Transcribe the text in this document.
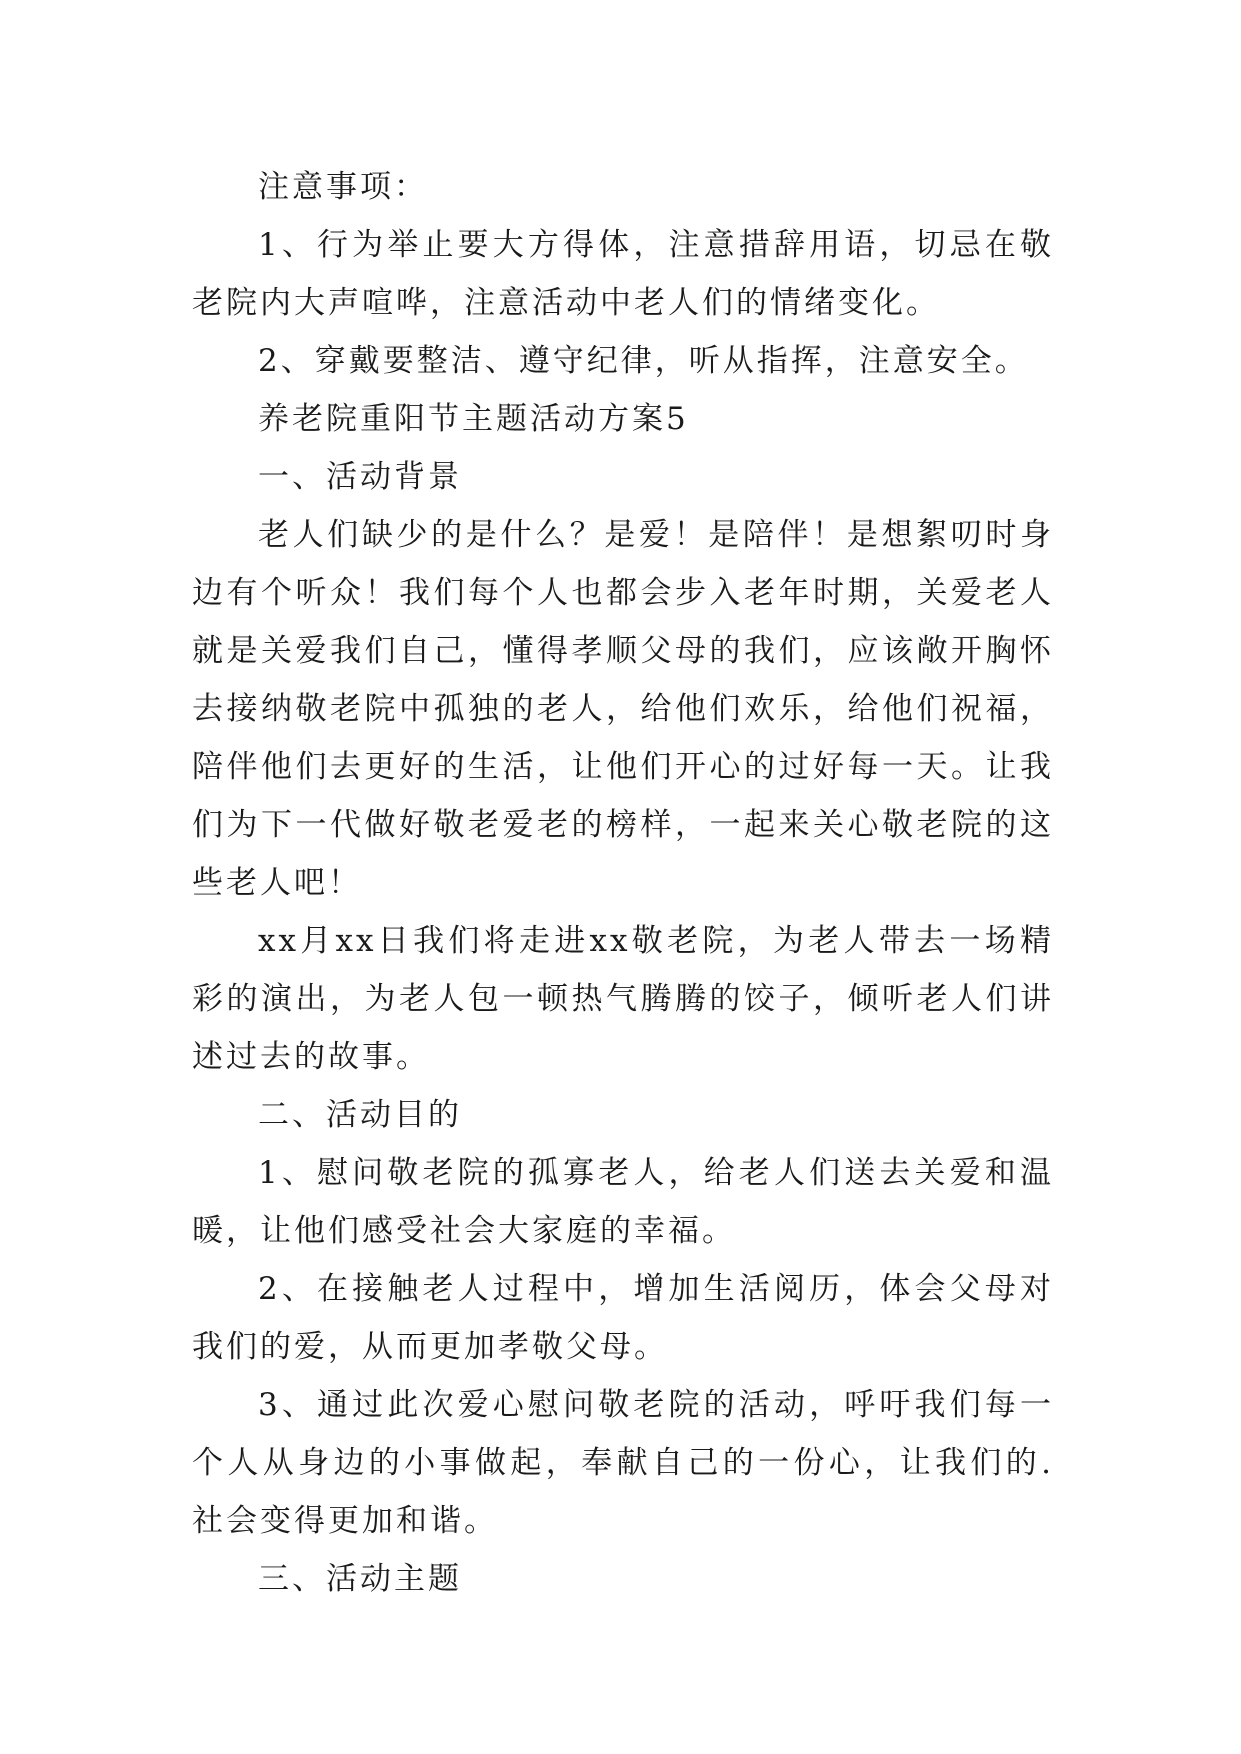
注意事项：

1、行为举止要大方得体，注意措辞用语，切忌在敬老院内大声喧哗，注意活动中老人们的情绪变化。

2、穿戴要整洁、遵守纪律，听从指挥，注意安全。

养老院重阳节主题活动方案5

一、活动背景

老人们缺少的是什么？是爱！是陪伴！是想絮叨时身边有个听众！我们每个人也都会步入老年时期，关爱老人就是关爱我们自己，懂得孝顺父母的我们，应该敞开胸怀去接纳敬老院中孤独的老人，给他们欢乐，给他们祝福，陪伴他们去更好的生活，让他们开心的过好每一天。让我们为下一代做好敬老爱老的榜样，一起来关心敬老院的这些老人吧！

xx月xx日我们将走进xx敬老院，为老人带去一场精彩的演出，为老人包一顿热气腾腾的饺子，倾听老人们讲述过去的故事。

二、活动目的

1、慰问敬老院的孤寡老人，给老人们送去关爱和温暖，让他们感受社会大家庭的幸福。

2、在接触老人过程中，增加生活阅历，体会父母对我们的爱，从而更加孝敬父母。

3、通过此次爱心慰问敬老院的活动，呼吁我们每一个人从身边的小事做起，奉献自己的一份心，让我们的.社会变得更加和谐。

三、活动主题
